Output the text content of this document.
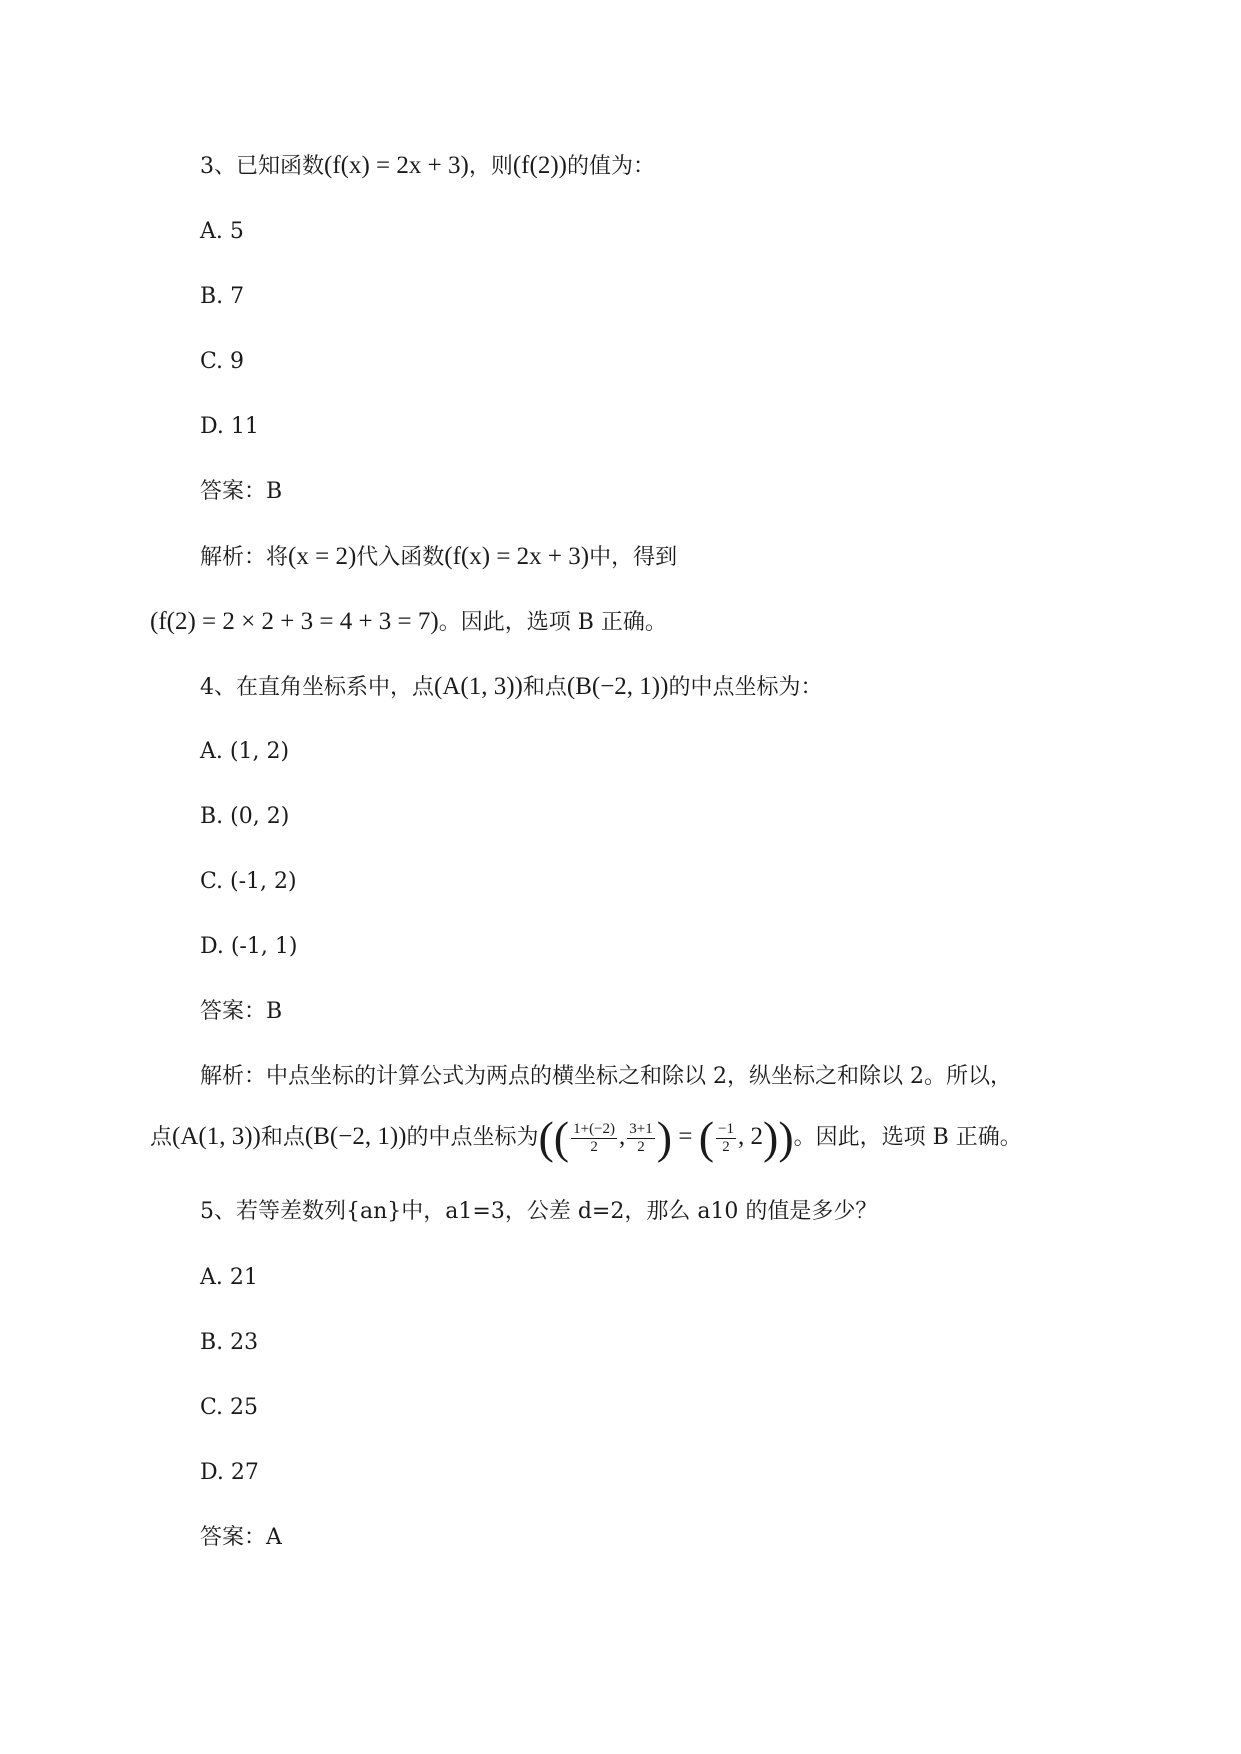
3、已知函数(f(x) = 2x + 3)，则(f(2))的值为：
A. 5
B. 7
C. 9
D. 11
答案：B
解析：将(x = 2)代入函数(f(x) = 2x + 3)中，得到
(f(2) = 2 × 2 + 3 = 4 + 3 = 7)。因此，选项 B 正确。
4、在直角坐标系中，点(A(1, 3))和点(B(−2, 1))的中点坐标为：
A. (1, 2)
B. (0, 2)
C. (-1, 2)
D. (-1, 1)
答案：B
解析：中点坐标的计算公式为两点的横坐标之和除以 2，纵坐标之和除以 2。所以，
点(A(1, 3))和点(B(−2, 1))的中点坐标为(( $\frac{1+(-2)}{2}$ , $\frac{3+1}{2}$ ) = ( $\frac{-1}{2}$ , 2))。因此，选项 B 正确。
5、若等差数列{an}中，a1=3，公差 d=2，那么 a10 的值是多少？
A. 21
B. 23
C. 25
D. 27
答案：A
